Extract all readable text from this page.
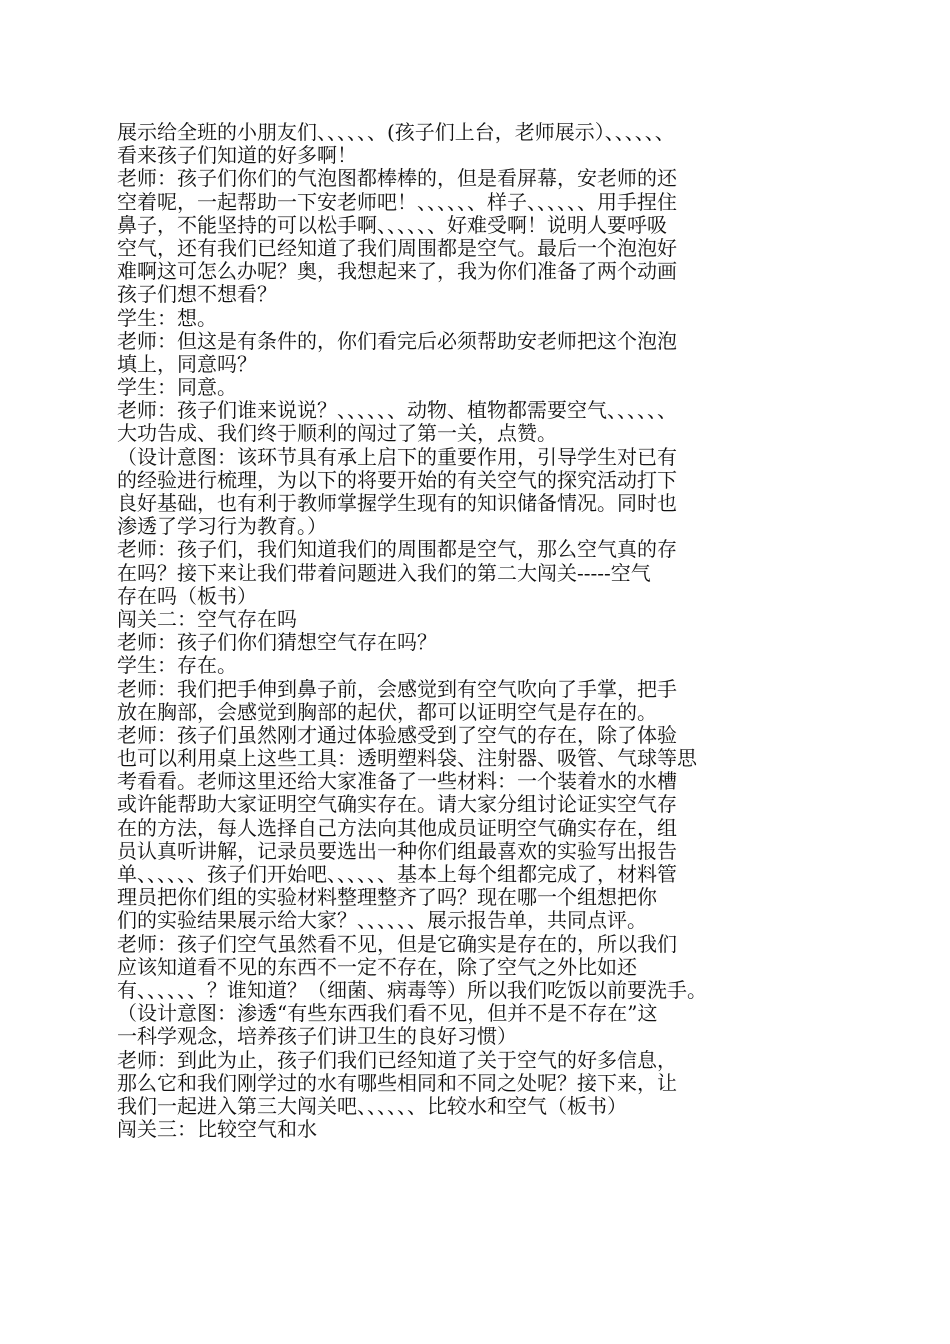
展示给全班的小朋友们、、、、、、(孩子们上台，老师展示）、、、、、、
看来孩子们知道的好多啊！
老师：孩子们你们的气泡图都棒棒的，但是看屏幕，安老师的还
空着呢，一起帮助一下安老师吧！、、、、、、样子、、、、、、用手捏住
鼻子，不能坚持的可以松手啊、、、、、、好难受啊！说明人要呼吸
空气，还有我们已经知道了我们周围都是空气。最后一个泡泡好
难啊这可怎么办呢？奥，我想起来了，我为你们准备了两个动画
孩子们想不想看？
学生：想。
老师：但这是有条件的，你们看完后必须帮助安老师把这个泡泡
填上，同意吗？
学生：同意。
老师：孩子们谁来说说？、、、、、、动物、植物都需要空气、、、、、、
大功告成、我们终于顺利的闯过了第一关，点赞。
（设计意图：该环节具有承上启下的重要作用，引导学生对已有
的经验进行梳理，为以下的将要开始的有关空气的探究活动打下
良好基础，也有利于教师掌握学生现有的知识储备情况。同时也
渗透了学习行为教育。）
老师：孩子们，我们知道我们的周围都是空气，那么空气真的存
在吗？接下来让我们带着问题进入我们的第二大闯关-----空气
存在吗（板书）
闯关二：空气存在吗
老师：孩子们你们猜想空气存在吗？
学生：存在。
老师：我们把手伸到鼻子前，会感觉到有空气吹向了手掌，把手
放在胸部，会感觉到胸部的起伏，都可以证明空气是存在的。
老师：孩子们虽然刚才通过体验感受到了空气的存在，除了体验
也可以利用桌上这些工具：透明塑料袋、注射器、吸管、气球等思
考看看。老师这里还给大家准备了一些材料：一个装着水的水槽
或许能帮助大家证明空气确实存在。请大家分组讨论证实空气存
在的方法，每人选择自己方法向其他成员证明空气确实存在，组
员认真听讲解，记录员要选出一种你们组最喜欢的实验写出报告
单、、、、、、孩子们开始吧、、、、、、基本上每个组都完成了，材料管
理员把你们组的实验材料整理整齐了吗？现在哪一个组想把你
们的实验结果展示给大家？、、、、、、展示报告单，共同点评。
老师：孩子们空气虽然看不见，但是它确实是存在的，所以我们
应该知道看不见的东西不一定不存在，除了空气之外比如还
有、、、、、、？谁知道？（细菌、病毒等）所以我们吃饭以前要洗手。
（设计意图：渗透“有些东西我们看不见，但并不是不存在”这
一科学观念，培养孩子们讲卫生的良好习惯）
老师：到此为止，孩子们我们已经知道了关于空气的好多信息，
那么它和我们刚学过的水有哪些相同和不同之处呢？接下来，让
我们一起进入第三大闯关吧、、、、、、比较水和空气（板书）
闯关三：比较空气和水
